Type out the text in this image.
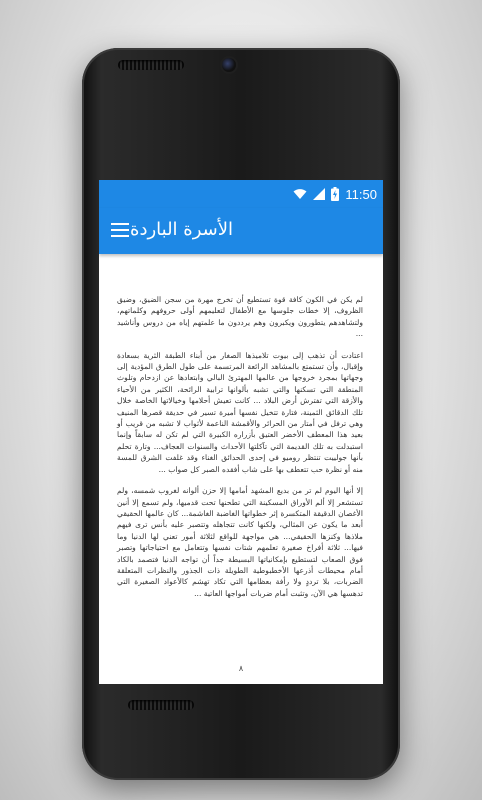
11:50
الأسرة الباردة

لم يكن في الكون كافة قوة تستطيع أن تخرج مهرة من سجن الضيق، وضيق الظروف، إلا خطات جلوسها مع الأطفال لتعليمهم أولى حروفهم وكلماتهم، ولتشاهدهم يتطورون ويكبرون وهم يرددون ما علمتهم إياه من دروس وأناشيد ...

اعتادت أن تذهب إلى بيوت تلاميذها الصغار من أبناء الطبقة الثرية بسعادة وإقبال، وأن تستمتع بالمشاهد الرائعة المرتسمة على طول الطرق المؤدية إلى وجهاتها بمجرد خروجها من عالمها المهترئ البالي وابتعادها عن ازدحام وتلوث المنطقة التي تسكنها والتي تشبه بألوانها ترابية الرائحة، الكثير من الأحياء والأزقة التي تفترش أرض البلاد ... كانت تعيش أحلامها وخيالاتها الخاصة خلال تلك الدقائق الثمينة، فتارة تتخيل نفسها أميرة تسير في حديقة قصرها المنيف وهي ترفل في أمتار من الحرائر والأقمشة الناعمة لأثواب لا تشبه من قريب أو بعيد هذا المعطف الأخضر العتيق بأزراره الكبيرة التي لم تكن له سابقاً وإنما استبدلت به تلك القديمة التي تآكلتها الأحداث والسنوات العجاف... وتارة تحلم بأنها جولييت تنتظر روميو في إحدى الحدائق الغناء وقد غلفت الشرق للمسة منه أو نظرة حب تتعطف بها على شاب أفقده الصبر كل صواب ...

إلا أنها اليوم لم تر من بديع المشهد أمامها إلا حزن ألوانه لغروب شمسه، ولم تستشعر إلا ألم الأوراق المسكينة التي تطحنها تحت قدميها، ولم تسمع إلا أنين الأغصان الدقيقة المتكسرة إثر خطواتها الغاضبة الغاشمة... كان عالمها الحقيقي أبعد ما يكون عن المثالي، ولكنها كانت تتجاهله وتتصبر عليه بأنس ترى فيهم ملاذها وكنزها الحقيقي... هي مواجهة للواقع لثلاثة أمور تعني لها الدنيا وما فيها... ثلاثة أفراخ صغيرة تعلمهم شتات نفسها وتتعامل مع احتياجاتها وتصبر فوق الصعاب لتستطيع بإمكانياتها البسيطة جداً أن تواجه الدنيا فتصمد بالكاد أمام محيطات أذرعها الأخطبوطية الطويلة ذات الجذور والنظرات المتعلقة الضربات، بلا ترددٍ ولا رأفة بعظامها التي تكاد تهشم كالأعواد الصغيرة التي تدهسها هي الآن، وتثبت أمام ضربات أمواجها العاتية ...

٨
